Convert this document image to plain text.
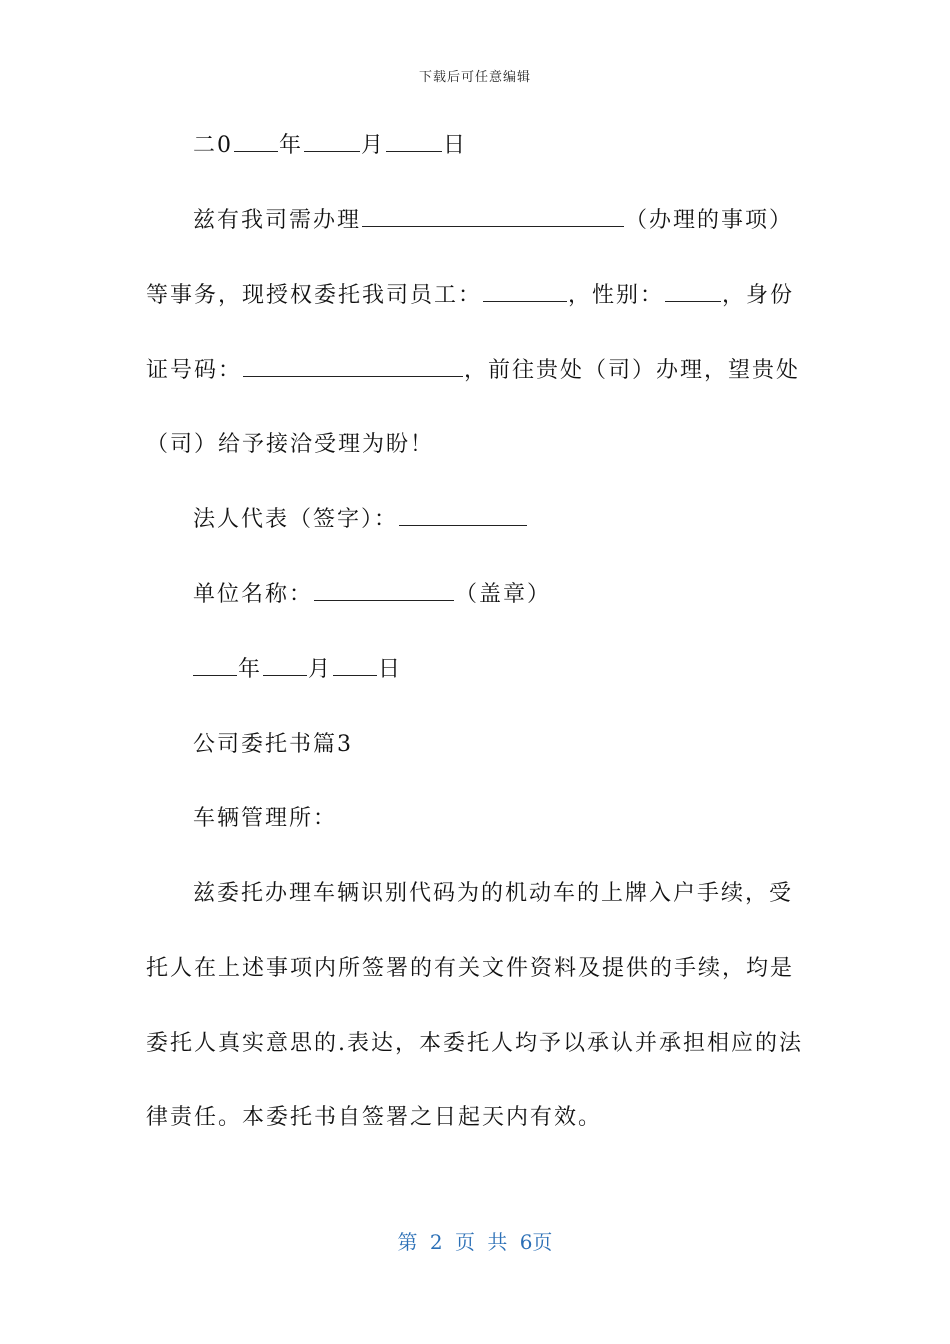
下载后可任意编辑
二0 年	月	日
兹有我司需办理	（办理的事项）
等事务，现授权委托我司员工：	，性别：	，身份
证号码：	，前往贵处（司）办理，望贵处
（司）给予接洽受理为盼！
法人代表（签字）：
单位名称：	（盖章）
年 月 日
公司委托书篇3
车辆管理所：
兹委托办理车辆识别代码为的机动车的上牌入户手续，受
托人在上述事项内所签署的有关文件资料及提供的手续，均是
委托人真实意思的.表达，本委托人均予以承认并承担相应的法
律责任。本委托书自签署之日起天内有效。
第 2 页 共 6页
